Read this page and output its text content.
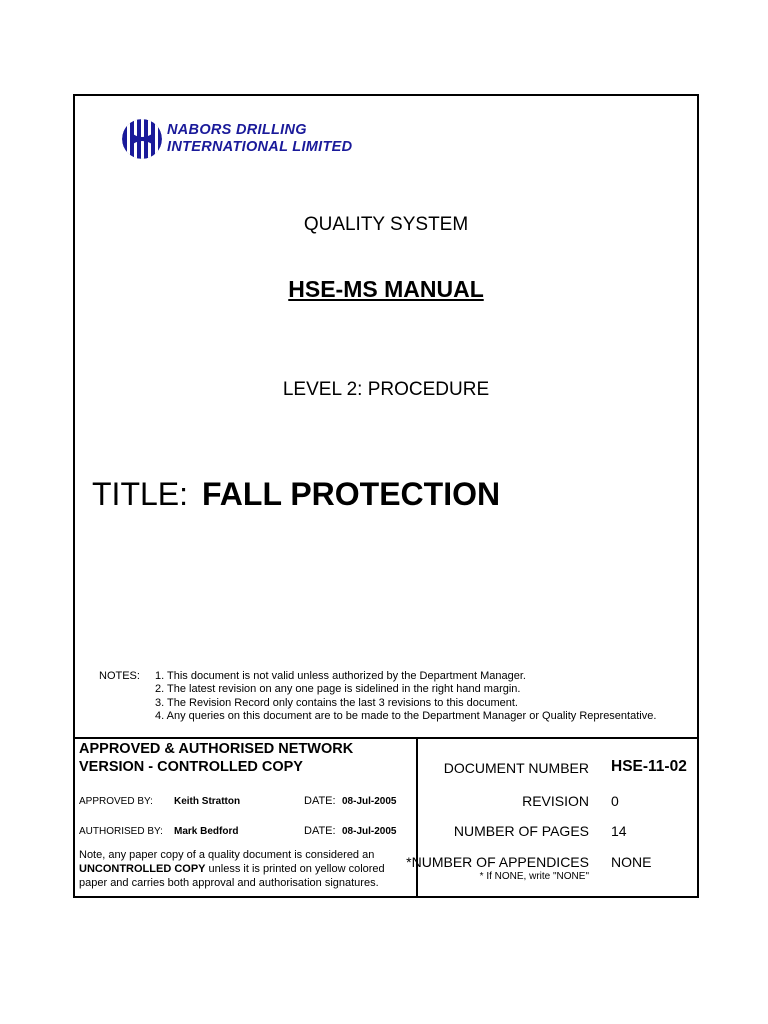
NABORS DRILLING
INTERNATIONAL LIMITED
QUALITY SYSTEM
HSE-MS MANUAL
LEVEL 2: PROCEDURE
TITLE: FALL PROTECTION
NOTES: 1. This document is not valid unless authorized by the Department Manager.
2. The latest revision on any one page is sidelined in the right hand margin.
3. The Revision Record only contains the last 3 revisions to this document.
4. Any queries on this document are to be made to the Department Manager or Quality Representative.
APPROVED & AUTHORISED NETWORK
VERSION - CONTROLLED COPY
APPROVED BY: Keith Stratton	DATE: 08-Jul-2005
AUTHORISED BY: Mark Bedford	DATE: 08-Jul-2005
Note, any paper copy of a quality document is considered an
UNCONTROLLED COPY unless it is printed on yellow colored
paper and carries both approval and authorisation signatures.
DOCUMENT NUMBER HSE-11-02
REVISION 0
NUMBER OF PAGES 14
*NUMBER OF APPENDICES NONE
* If NONE, write "NONE"
